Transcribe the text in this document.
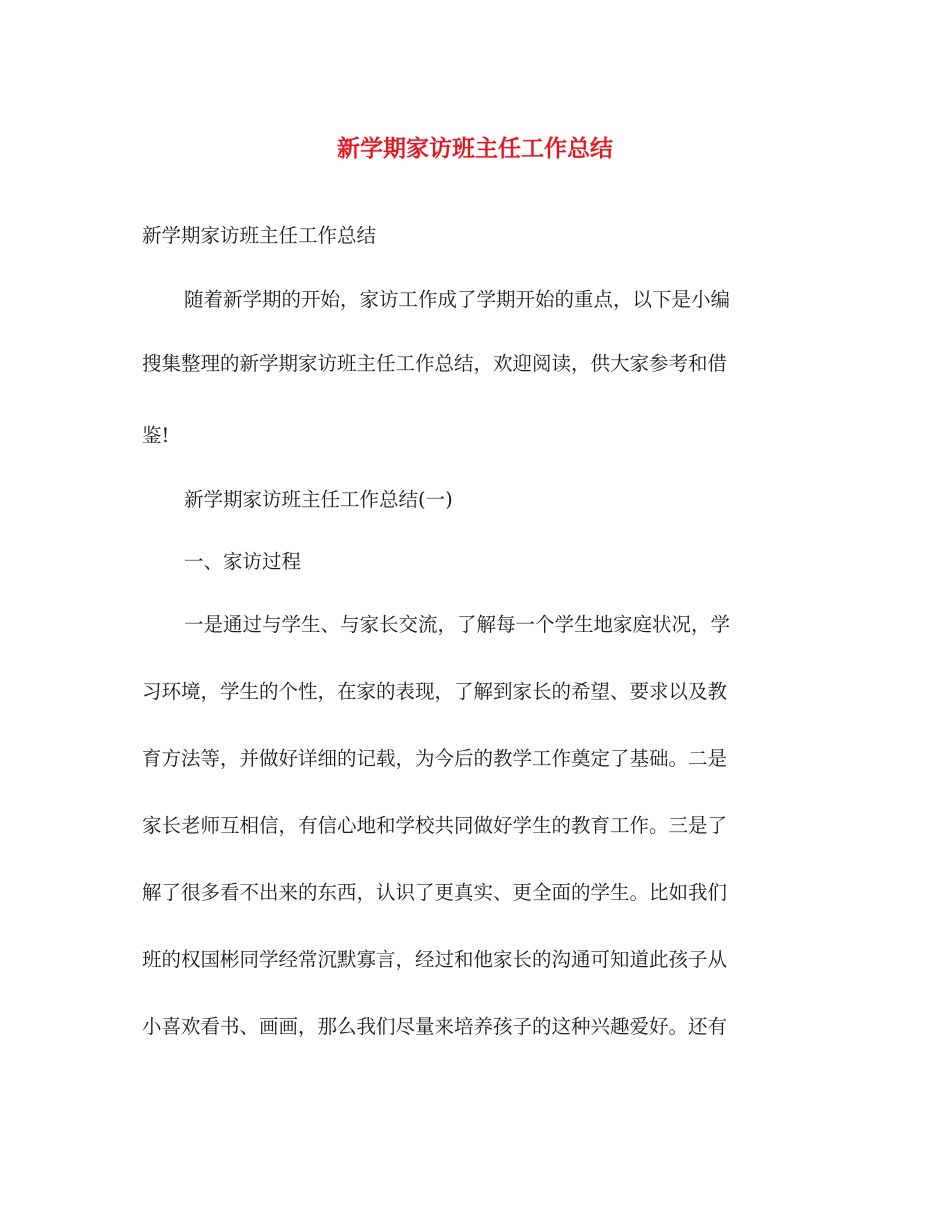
新学期家访班主任工作总结

新学期家访班主任工作总结

随着新学期的开始，家访工作成了学期开始的重点，以下是小编

搜集整理的新学期家访班主任工作总结，欢迎阅读，供大家参考和借

鉴!

新学期家访班主任工作总结(一)

一、家访过程

一是通过与学生、与家长交流，了解每一个学生地家庭状况，学

习环境，学生的个性，在家的表现，了解到家长的希望、要求以及教

育方法等，并做好详细的记载，为今后的教学工作奠定了基础。二是

家长老师互相信，有信心地和学校共同做好学生的教育工作。三是了

解了很多看不出来的东西，认识了更真实、更全面的学生。比如我们

班的权国彬同学经常沉默寡言，经过和他家长的沟通可知道此孩子从

小喜欢看书、画画，那么我们尽量来培养孩子的这种兴趣爱好。还有
